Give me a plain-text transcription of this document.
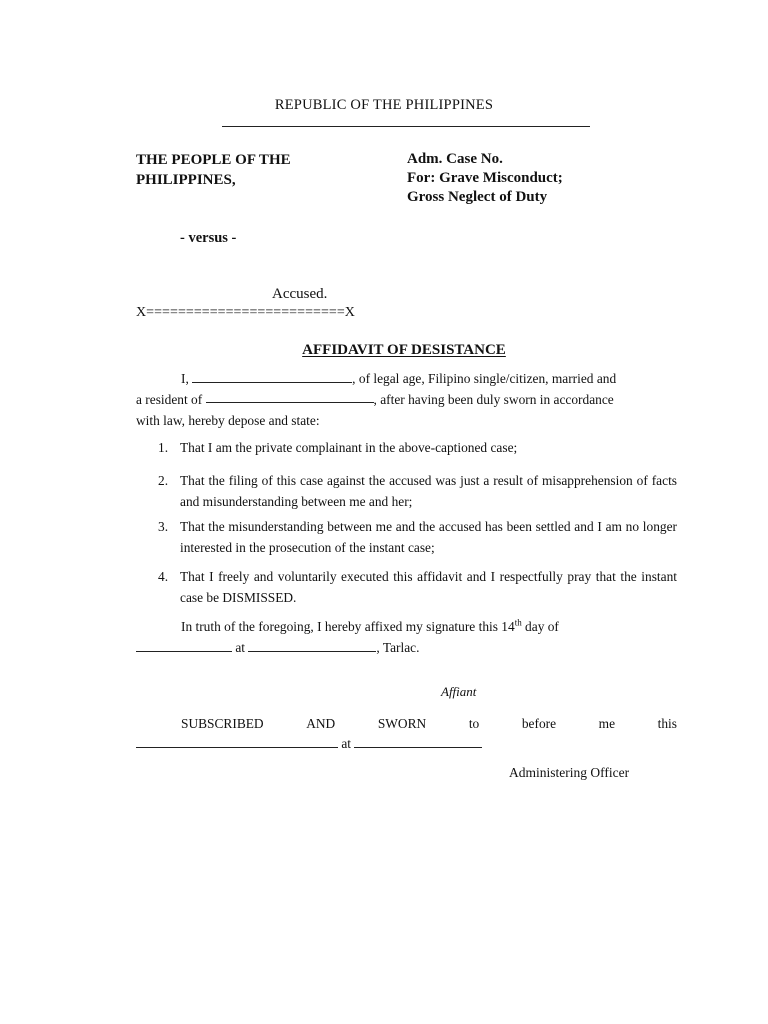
REPUBLIC OF THE PHILIPPINES
THE PEOPLE OF THE
PHILIPPINES,
Adm. Case No.
For: Grave Misconduct;
Gross Neglect of Duty
- versus -
Accused.
X=========================X
AFFIDAVIT OF DESISTANCE
I,	, of legal age, Filipino single/citizen, married and
a resident of
	, after having been duly sworn in accordance
with law, hereby depose and state:
1. That I am the private complainant in the above-captioned case;
2. That the filing of this case against the accused was just a result of misapprehension of facts and misunderstanding between me and her;
3. That the misunderstanding between me and the accused has been settled and I am no longer interested in the prosecution of the instant case;
4. That I freely and voluntarily executed this affidavit and I respectfully pray that the instant case be DISMISSED.
In truth of the foregoing, I hereby affixed my signature this 14th day of
at	, Tarlac.
Affiant
SUBSCRIBED	AND	SWORN	to	before	me	this
at
Administering Officer
